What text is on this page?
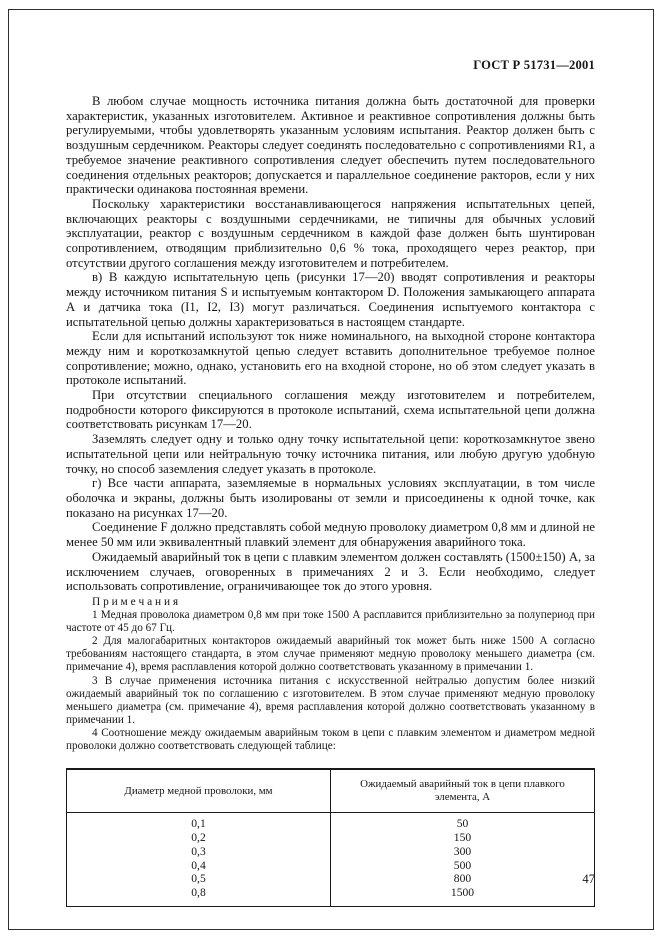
ГОСТ Р 51731—2001

В любом случае мощность источника питания должна быть достаточной для проверки характеристик, указанных изготовителем. Активное и реактивное сопротивления должны быть регулируемыми, чтобы удовлетворять указанным условиям испытания. Реактор должен быть с воздушным сердечником. Реакторы следует соединять последовательно с сопротивлениями R1, а требуемое значение реактивного сопротивления следует обеспечить путем последовательного соединения отдельных реакторов; допускается и параллельное соединение ракторов, если у них практически одинакова постоянная времени.

Поскольку характеристики восстанавливающегося напряжения испытательных цепей, включающих реакторы с воздушными сердечниками, не типичны для обычных условий эксплуатации, реактор с воздушным сердечником в каждой фазе должен быть шунтирован сопротивлением, отводящим приблизительно 0,6 % тока, проходящего через реактор, при отсутствии другого соглашения между изготовителем и потребителем.

в) В каждую испытательную цепь (рисунки 17—20) вводят сопротивления и реакторы между источником питания S и испытуемым контактором D. Положения замыкающего аппарата А и датчика тока (I1, I2, I3) могут различаться. Соединения испытуемого контактора с испытательной цепью должны характеризоваться в настоящем стандарте.

Если для испытаний используют ток ниже номинального, на выходной стороне контактора между ним и короткозамкнутой цепью следует вставить дополнительное требуемое полное сопротивление; можно, однако, установить его на входной стороне, но об этом следует указать в протоколе испытаний.

При отсутствии специального соглашения между изготовителем и потребителем, подробности которого фиксируются в протоколе испытаний, схема испытательной цепи должна соответствовать рисункам 17—20.

Заземлять следует одну и только одну точку испытательной цепи: короткозамкнутое звено испытательной цепи или нейтральную точку источника питания, или любую другую удобную точку, но способ заземления следует указать в протоколе.

г) Все части аппарата, заземляемые в нормальных условиях эксплуатации, в том числе оболочка и экраны, должны быть изолированы от земли и присоединены к одной точке, как показано на рисунках 17—20.

Соединение F должно представлять собой медную проволоку диаметром 0,8 мм и длиной не менее 50 мм или эквивалентный плавкий элемент для обнаружения аварийного тока.

Ожидаемый аварийный ток в цепи с плавким элементом должен составлять (1500±150) А, за исключением случаев, оговоренных в примечаниях 2 и 3. Если необходимо, следует использовать сопротивление, ограничивающее ток до этого уровня.

П р и м е ч а н и я

1 Медная проволока диаметром 0,8 мм при токе 1500 А расплавится приблизительно за полупериод при частоте от 45 до 67 Гц.

2 Для малогабаритных контакторов ожидаемый аварийный ток может быть ниже 1500 А согласно требованиям настоящего стандарта, в этом случае применяют медную проволоку меньшего диаметра (см. примечание 4), время расплавления которой должно соответствовать указанному в примечании 1.

3 В случае применения источника питания с искусственной нейтралью допустим более низкий ожидаемый аварийный ток по соглашению с изготовителем. В этом случае применяют медную проволоку меньшего диаметра (см. примечание 4), время расплавления которой должно соответствовать указанному в примечании 1.

4 Соотношение между ожидаемым аварийным током в цепи с плавким элементом и диаметром медной проволоки должно соответствовать следующей таблице:

Диаметр медной проволоки, мм	Ожидаемый аварийный ток в цепи плавкого элемента, А
0,1	50
0,2	150
0,3	300
0,4	500
0,5	800
0,8	1500
47
